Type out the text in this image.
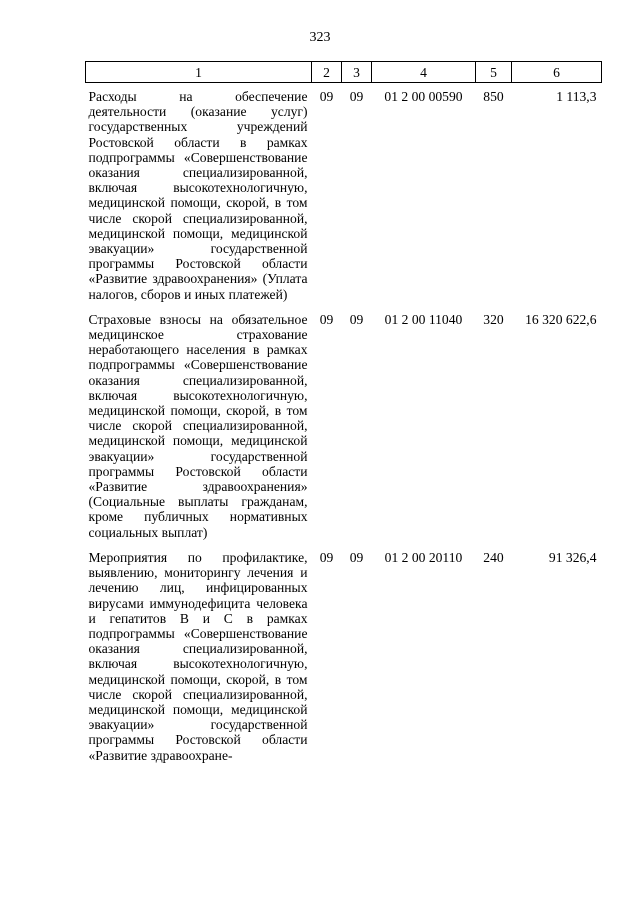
323
1	2	3	4	5	6
Расходы на обеспечение деятельности (оказание услуг) государственных учреждений Ростовской области в рамках подпрограммы «Совершенствование оказания специализированной, включая высокотехнологичную, медицинской помощи, скорой, в том числе скорой специализированной, медицинской помощи, медицинской эвакуации» государственной программы Ростовской области «Развитие здравоохранения» (Уплата налогов, сборов и иных платежей)	09	09	01 2 00 00590	850	1 113,3
Страховые взносы на обязательное медицинское страхование неработающего населения в рамках подпрограммы «Совершенствование оказания специализированной, включая высокотехнологичную, медицинской помощи, скорой, в том числе скорой специализированной, медицинской помощи, медицинской эвакуации» государственной программы Ростовской области «Развитие здравоохранения» (Социальные выплаты гражданам, кроме публичных нормативных социальных выплат)	09	09	01 2 00 11040	320	16 320 622,6
Мероприятия по профилактике, выявлению, мониторингу лечения и лечению лиц, инфицированных вирусами иммунодефицита человека и гепатитов В и С в рамках подпрограммы «Совершенствование оказания специализированной, включая высокотехнологичную, медицинской помощи, скорой, в том числе скорой специализированной, медицинской помощи, медицинской эвакуации» государственной программы Ростовской области «Развитие здравоохране-	09	09	01 2 00 20110	240	91 326,4
